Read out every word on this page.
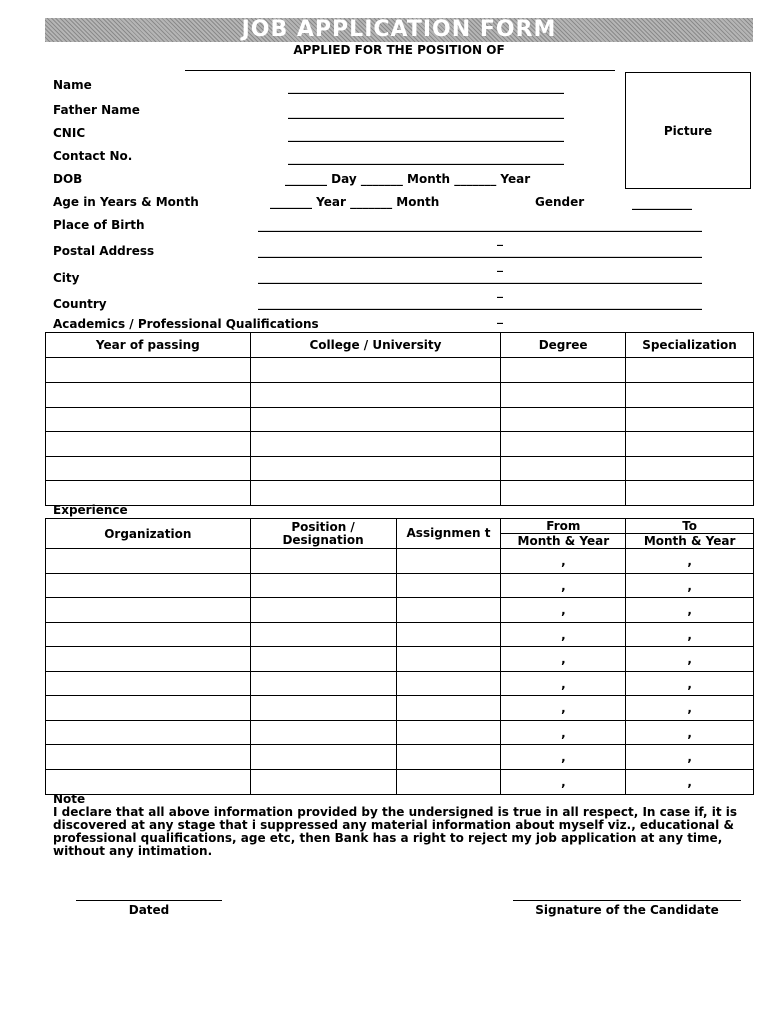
JOB APPLICATION FORM
APPLIED FOR THE POSITION OF
Picture
Name	______________________________________________
Father Name	______________________________________________
CNIC	______________________________________________
Contact No.	______________________________________________
DOB	_______ Day _______ Month _______ Year
Age in Years & Month	_______ Year _______ Month	Gender	__________
Place of Birth	__________________________________________________________________________
_
Postal Address	__________________________________________________________________________
_
City	__________________________________________________________________________
_
Country	__________________________________________________________________________
_
Academics / Professional Qualifications
Year of passing	College / University	Degree	Specialization

Experience
Organization	Position / Designation	Assignmen t	From	To
			Month & Year	Month & Year
			,	,
			,	,
			,	,
			,	,
			,	,
			,	,
			,	,
			,	,
			,	,
			,	,
Note
I declare that all above information provided by the undersigned is true in all respect, In case if, it is discovered at any stage that i suppressed any material information about myself viz., educational & professional qualifications, age etc, then Bank has a right to reject my job application at any time, without any intimation.
Dated	Signature of the Candidate
